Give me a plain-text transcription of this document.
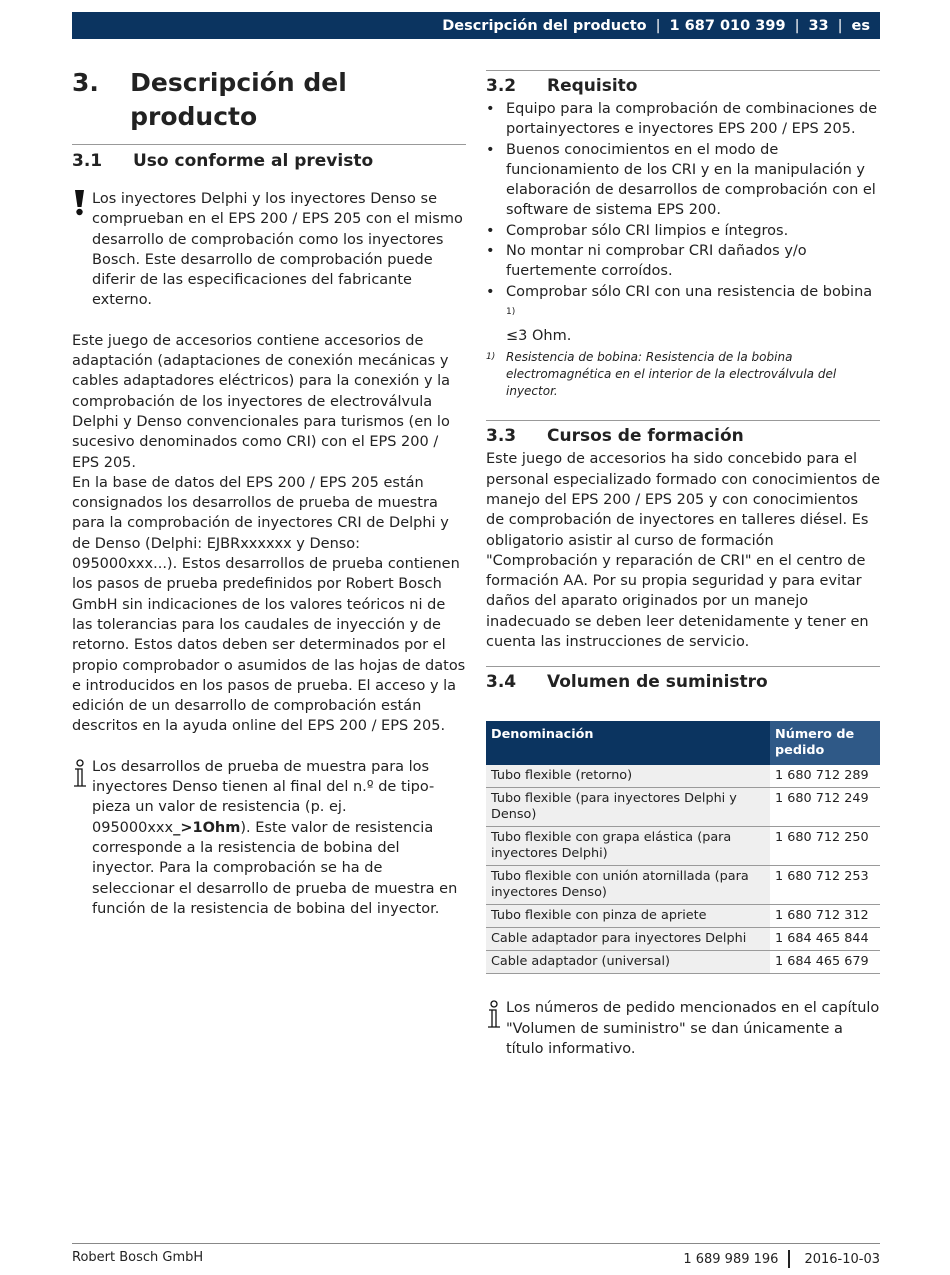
Descripción del producto | 1 687 010 399 | 33 | es
3.	Descripción del producto
3.1	Uso conforme al previsto

Los inyectores Delphi y los inyectores Denso se comprueban en el EPS 200 / EPS 205 con el mismo desarrollo de comprobación como los inyectores Bosch. Este desarrollo de comprobación puede diferir de las especificaciones del fabricante externo.

Este juego de accesorios contiene accesorios de adaptación (adaptaciones de conexión mecánicas y cables adaptadores eléctricos) para la conexión y la comprobación de los inyectores de electroválvula Delphi y Denso convencionales para turismos (en lo sucesivo denominados como CRI) con el EPS 200 / EPS 205.

En la base de datos del EPS 200 / EPS 205 están consignados los desarrollos de prueba de muestra para la comprobación de inyectores CRI de Delphi y de Denso (Delphi: EJBRxxxxxx y Denso: 095000xxx...). Estos desarrollos de prueba contienen los pasos de prueba predefinidos por Robert Bosch GmbH sin indicaciones de los valores teóricos ni de las tolerancias para los caudales de inyección y de retorno. Estos datos deben ser determinados por el propio comprobador o asumidos de las hojas de datos e introducidos en los pasos de prueba. El acceso y la edición de un desarrollo de comprobación están descritos en la ayuda online del EPS 200 / EPS 205.

Los desarrollos de prueba de muestra para los inyectores Denso tienen al final del n.º de tipo-pieza un valor de resistencia (p. ej. 095000xxx_>1Ohm). Este valor de resistencia corresponde a la resistencia de bobina del inyector. Para la comprobación se ha de seleccionar el desarrollo de prueba de muestra en función de la resistencia de bobina del inyector.

3.2	Requisito
• Equipo para la comprobación de combinaciones de portainyectores e inyectores EPS 200 / EPS 205.
• Buenos conocimientos en el modo de funcionamiento de los CRI y en la manipulación y elaboración de desarrollos de comprobación con el software de sistema EPS 200.
• Comprobar sólo CRI limpios e íntegros.
• No montar ni comprobar CRI dañados y/o fuertemente corroídos.
• Comprobar sólo CRI con una resistencia de bobina $^{1)}$
≤3 Ohm.
1) Resistencia de bobina: Resistencia de la bobina electromagnética en el interior de la electroválvula del inyector.
3.3	Cursos de formación

Este juego de accesorios ha sido concebido para el personal especializado formado con conocimientos de manejo del EPS 200 / EPS 205 y con conocimientos de comprobación de inyectores en talleres diésel. Es obligatorio asistir al curso de formación "Comprobación y reparación de CRI" en el centro de formación AA. Por su propia seguridad y para evitar daños del aparato originados por un manejo inadecuado se deben leer detenidamente y tener en cuenta las instrucciones de servicio.

3.4	Volumen de suministro
Denominación	Número de pedido
Tubo flexible (retorno)	1 680 712 289
Tubo flexible (para inyectores Delphi y Denso)	1 680 712 249
Tubo flexible con grapa elástica (para inyectores Delphi)	1 680 712 250
Tubo flexible con unión atornillada (para inyectores Denso)	1 680 712 253
Tubo flexible con pinza de apriete	1 680 712 312
Cable adaptador para inyectores Delphi	1 684 465 844
Cable adaptador (universal)	1 684 465 679

Los números de pedido mencionados en el capítulo "Volumen de suministro" se dan únicamente a título informativo.

Robert Bosch GmbH	1 689 989 196 2016-10-03
